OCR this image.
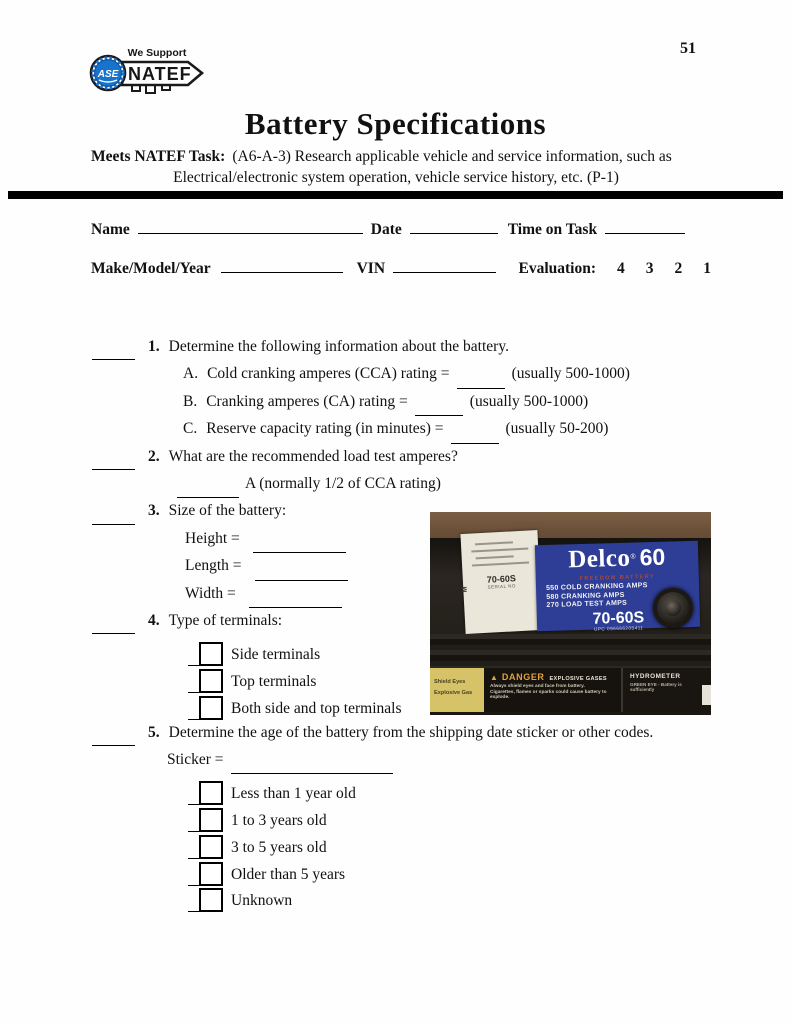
51
ASE
We Support
NATEF
Battery Specifications
Meets NATEF Task: (A6-A-3) Research applicable vehicle and service information, such as
Electrical/electronic system operation, vehicle service history, etc. (P-1)
Name	Date	Time on Task
Make/Model/Year	VIN	Evaluation: 4 3 2 1
1. Determine the following information about the battery.
A. Cold cranking amperes (CCA) rating =	(usually 500-1000)
B. Cranking amperes (CA) rating =	(usually 500-1000)
C. Reserve capacity rating (in minutes) =	(usually 50-200)
2. What are the recommended load test amperes?
A (normally 1/2 of CCA rating)
3. Size of the battery:
Height =
Length =
Width =
4. Type of terminals:
Side terminals
Top terminals
Both side and top terminals
5. Determine the age of the battery from the shipping date sticker or other codes.
Sticker =
Less than 1 year old
1 to 3 years old
3 to 5 years old
Older than 5 years
Unknown
M
70-60S
SERIAL NO
Delco® 60
FREEDOM BATTERY
550 COLD CRANKING AMPS
580 CRANKING AMPS
270 LOAD TEST AMPS
70-60S
UPC 096666205411
Shield Eyes
Explosive Gas
▲ DANGER EXPLOSIVE GASES
Always shield eyes and face from battery. Cigarettes, flames or sparks could cause battery to explode.
HYDROMETER
GREEN EYE - Battery is sufficiently
